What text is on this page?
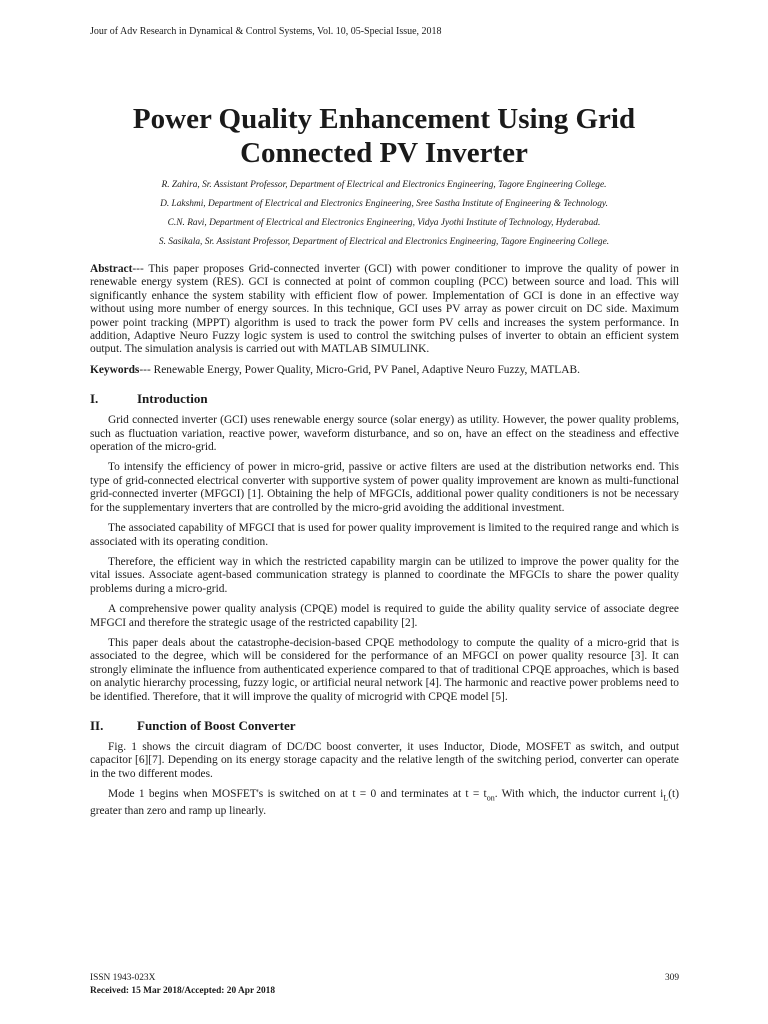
Jour of Adv Research in Dynamical & Control Systems, Vol. 10, 05-Special Issue, 2018
Power Quality Enhancement Using Grid
Connected PV Inverter
R. Zahira, Sr. Assistant Professor, Department of Electrical and Electronics Engineering, Tagore Engineering College.
D. Lakshmi, Department of Electrical and Electronics Engineering, Sree Sastha Institute of Engineering & Technology.
C.N. Ravi, Department of Electrical and Electronics Engineering, Vidya Jyothi Institute of Technology, Hyderabad.
S. Sasikala, Sr. Assistant Professor, Department of Electrical and Electronics Engineering, Tagore Engineering College.

Abstract--- This paper proposes Grid-connected inverter (GCI) with power conditioner to improve the quality of power in renewable energy system (RES). GCI is connected at point of common coupling (PCC) between source and load. This will significantly enhance the system stability with efficient flow of power. Implementation of GCI is done in an effective way without using more number of energy sources. In this technique, GCI uses PV array as power circuit on DC side. Maximum power point tracking (MPPT) algorithm is used to track the power form PV cells and increases the system performance. In addition, Adaptive Neuro Fuzzy logic system is used to control the switching pulses of inverter to obtain an efficient system output. The simulation analysis is carried out with MATLAB SIMULINK.

Keywords--- Renewable Energy, Power Quality, Micro-Grid, PV Panel, Adaptive Neuro Fuzzy, MATLAB.

I.	Introduction

Grid connected inverter (GCI) uses renewable energy source (solar energy) as utility. However, the power quality problems, such as fluctuation variation, reactive power, waveform disturbance, and so on, have an effect on the steadiness and effective operation of the micro-grid.

To intensify the efficiency of power in micro-grid, passive or active filters are used at the distribution networks end. This type of grid-connected electrical converter with supportive system of power quality improvement are known as multi-functional grid-connected inverter (MFGCI) [1]. Obtaining the help of MFGCIs, additional power quality conditioners is not be necessary for the supplementary inverters that are controlled by the micro-grid avoiding the additional investment.

The associated capability of MFGCI that is used for power quality improvement is limited to the required range and which is associated with its operating condition.

Therefore, the efficient way in which the restricted capability margin can be utilized to improve the power quality for the vital issues. Associate agent-based communication strategy is planned to coordinate the MFGCIs to share the power quality problems during a micro-grid.

A comprehensive power quality analysis (CPQE) model is required to guide the ability quality service of associate degree MFGCI and therefore the strategic usage of the restricted capability [2].

This paper deals about the catastrophe-decision-based CPQE methodology to compute the quality of a micro-grid that is associated to the degree, which will be considered for the performance of an MFGCI on power quality resource [3]. It can strongly eliminate the influence from authenticated experience compared to that of traditional CPQE approaches, which is based on analytic hierarchy processing, fuzzy logic, or artificial neural network [4]. The harmonic and reactive power problems need to be identified. Therefore, that it will improve the quality of microgrid with CPQE model [5].

II.	Function of Boost Converter

Fig. 1 shows the circuit diagram of DC/DC boost converter, it uses Inductor, Diode, MOSFET as switch, and output capacitor [6][7]. Depending on its energy storage capacity and the relative length of the switching period, converter can operate in the two different modes.

Mode 1 begins when MOSFET's is switched on at t = 0 and terminates at $t = t_{on}$. With which, the inductor current $i_L(t)$ greater than zero and ramp up linearly.

ISSN 1943-023X	309
Received: 15 Mar 2018/Accepted: 20 Apr 2018
